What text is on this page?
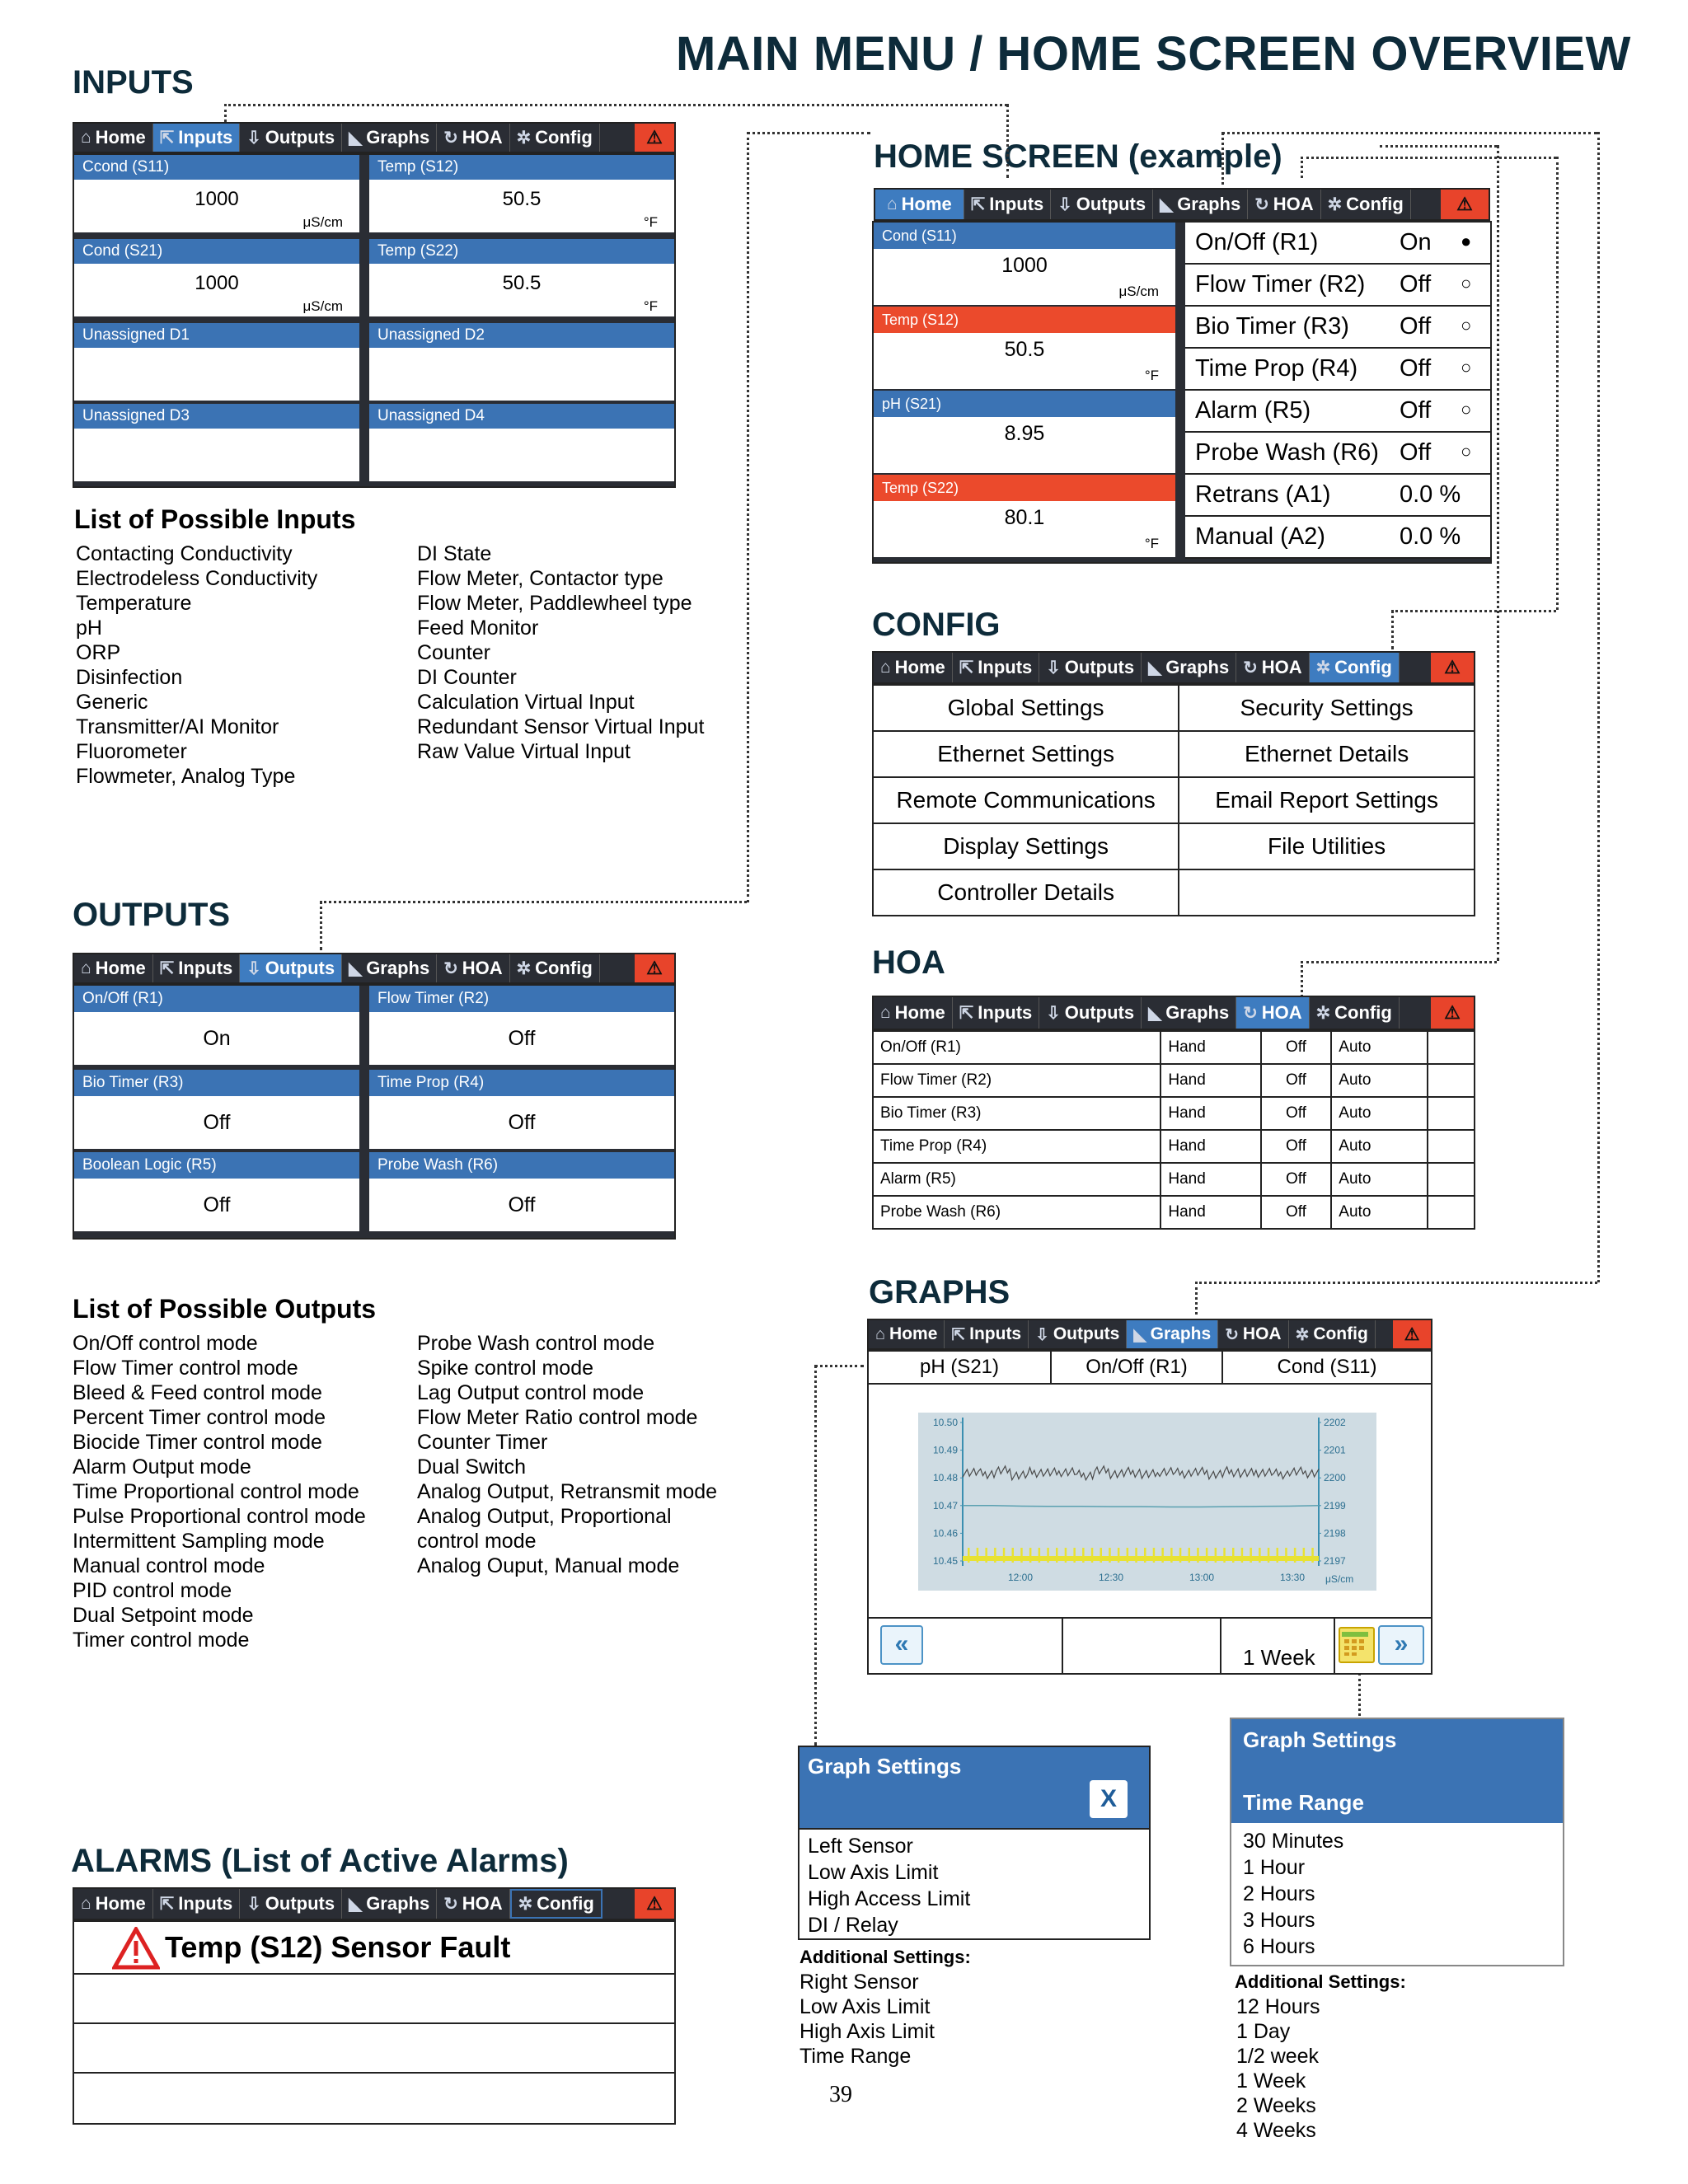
MAIN MENU / HOME SCREEN OVERVIEW
INPUTS
HOME SCREEN (example)
CONFIG
HOA
OUTPUTS
GRAPHS
ALARMS (List of Active Alarms)
⌂ Home ⇱ Inputs ⇩ Outputs ◣ Graphs ↻ HOA ✲ Config	⚠
Ccond (S11)
1000
μS/cm
Temp (S12)
50.5
°F
Cond (S21)
1000
μS/cm
Temp (S22)
50.5
°F
Unassigned D1	Unassigned D2
Unassigned D3	Unassigned D4
List of Possible Inputs
Contacting Conductivity
Electrodeless Conductivity
Temperature
pH
ORP
Disinfection
Generic
Transmitter/AI Monitor
Fluorometer
Flowmeter, Analog Type
DI State
Flow Meter, Contactor type
Flow Meter, Paddlewheel type
Feed Monitor
Counter
DI Counter
Calculation Virtual Input
Redundant Sensor Virtual Input
Raw Value Virtual Input
⌂ Home ⇱ Inputs ⇩ Outputs ◣ Graphs ↻ HOA ✲ Config	⚠
Cond (S11)
1000
μS/cm
Temp (S12)
50.5
°F
pH (S21)
8.95
Temp (S22)
80.1
°F
On/Off (R1)	On ●
Flow Timer (R2) Off ○
Bio Timer (R3) Off ○
Time Prop (R4) Off ○
Alarm (R5)	Off ○
Probe Wash (R6) Off ○
Retrans (A1)	0.0 %
Manual (A2)	0.0 %
⌂ Home ⇱ Inputs ⇩ Outputs ◣ Graphs ↻ HOA ✲ Config	⚠
Global Settings	Security Settings
Ethernet Settings	Ethernet Details
Remote Communications	Email Report Settings
Display Settings	File Utilities
Controller Details	
⌂ Home ⇱ Inputs ⇩ Outputs ◣ Graphs ↻ HOA ✲ Config	⚠
On/Off (R1)	Hand	Off	Auto	
Flow Timer (R2)	Hand	Off	Auto	
Bio Timer (R3)	Hand	Off	Auto	
Time Prop (R4)	Hand	Off	Auto	
Alarm (R5)	Hand	Off	Auto	
Probe Wash (R6)	Hand	Off	Auto	
⌂ Home ⇱ Inputs ⇩ Outputs ◣ Graphs ↻ HOA ✲ Config	⚠
On/Off (R1)
On
Flow Timer (R2)
Off
Bio Timer (R3)
Off
Time Prop (R4)
Off
Boolean Logic (R5)
Off
Probe Wash (R6)
Off
List of Possible Outputs
On/Off control mode
Flow Timer control mode
Bleed & Feed control mode
Percent Timer control mode
Biocide Timer control mode
Alarm Output mode
Time Proportional control mode
Pulse Proportional control mode
Intermittent Sampling mode
Manual control mode
PID control mode
Dual Setpoint mode
Timer control mode
Probe Wash control mode
Spike control mode
Lag Output control mode
Flow Meter Ratio control mode
Counter Timer
Dual Switch
Analog Output, Retransmit mode
Analog Output, Proportional
control mode
Analog Ouput, Manual mode
⌂ Home ⇱ Inputs ⇩ Outputs ◣ Graphs ↻ HOA ✲ Config ⚠
pH (S21)	On/Off (R1)	Cond (S11)
10.50	2202
10.49	2201
10.48	2200
10.47	2199
10.46	2198
10.45	2197
μS/cm
12:00	12:30	13:00	13:30
«	1 Week	»
Graph Settings
X
Left Sensor
Low Axis Limit
High Access Limit
DI / Relay
Additional Settings:
Right Sensor
Low Axis Limit
High Axis Limit
Time Range
Graph Settings
Time Range
30 Minutes
1 Hour
2 Hours
3 Hours
6 Hours
Additional Settings:
12 Hours
1 Day
1/2 week
1 Week
2 Weeks
4 Weeks
⌂ Home ⇱ Inputs ⇩ Outputs ◣ Graphs ↻ HOA ✲ Config	⚠
Temp (S12) Sensor Fault
39
